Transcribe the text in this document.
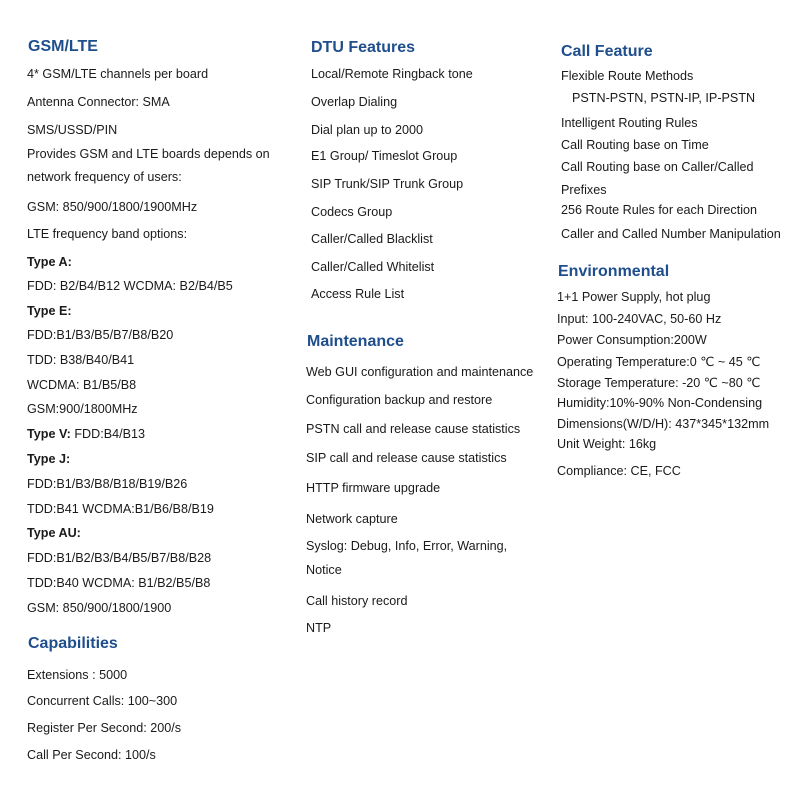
GSM/LTE
4* GSM/LTE channels per board
Antenna Connector: SMA
SMS/USSD/PIN
Provides GSM and LTE boards depends on
network frequency of users:
GSM: 850/900/1800/1900MHz
LTE frequency band options:
Type A:
FDD: B2/B4/B12 WCDMA: B2/B4/B5
Type E:
FDD:B1/B3/B5/B7/B8/B20
TDD: B38/B40/B41
WCDMA: B1/B5/B8
GSM:900/1800MHz
Type V: FDD:B4/B13
Type J:
FDD:B1/B3/B8/B18/B19/B26
TDD:B41 WCDMA:B1/B6/B8/B19
Type AU:
FDD:B1/B2/B3/B4/B5/B7/B8/B28
TDD:B40 WCDMA: B1/B2/B5/B8
GSM: 850/900/1800/1900
Capabilities
Extensions : 5000
Concurrent Calls: 100~300
Register Per Second: 200/s
Call Per Second: 100/s
DTU Features
Local/Remote Ringback tone
Overlap Dialing
Dial plan up to 2000
E1 Group/ Timeslot Group
SIP Trunk/SIP Trunk Group
Codecs Group
Caller/Called Blacklist
Caller/Called Whitelist
Access Rule List
Maintenance
Web GUI configuration and maintenance
Configuration backup and restore
PSTN call and release cause statistics
SIP call and release cause statistics
HTTP firmware upgrade
Network capture
Syslog: Debug, Info, Error, Warning,
Notice
Call history record
NTP
Call Feature
Flexible Route Methods
PSTN-PSTN, PSTN-IP, IP-PSTN
Intelligent Routing Rules
Call Routing base on Time
Call Routing base on Caller/Called
Prefixes
256 Route Rules for each Direction
Caller and Called Number Manipulation
Environmental
1+1 Power Supply, hot plug
Input: 100-240VAC, 50-60 Hz
Power Consumption:200W
Operating Temperature:0 ℃ ~ 45 ℃
Storage Temperature: -20 ℃ ~80 ℃
Humidity:10%-90% Non-Condensing
Dimensions(W/D/H): 437*345*132mm
Unit Weight: 16kg
Compliance: CE, FCC
